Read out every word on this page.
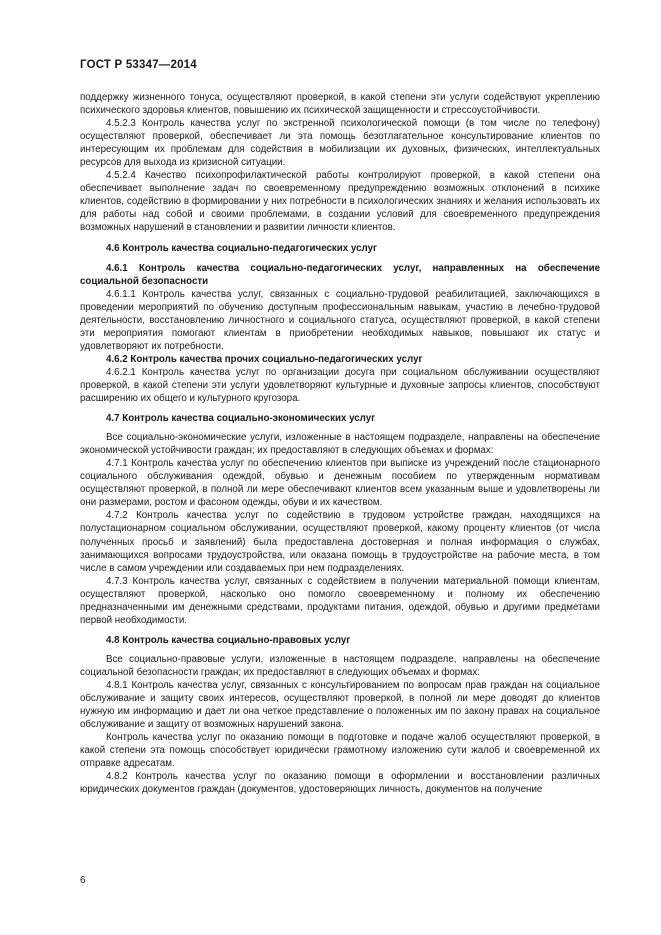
ГОСТ Р 53347—2014

поддержку жизненного тонуса, осуществляют проверкой, в какой степени эти услуги содействуют укреплению психического здоровья клиентов, повышению их психической защищенности и стрессоустойчивости.

4.5.2.3 Контроль качества услуг по экстренной психологической помощи (в том числе по телефону) осуществляют проверкой, обеспечивает ли эта помощь безотлагательное консультирование клиентов по интересующим их проблемам для содействия в мобилизации их духовных, физических, интеллектуальных ресурсов для выхода из кризисной ситуации.

4.5.2.4 Качество психопрофилактической работы контролируют проверкой, в какой степени она обеспечивает выполнение задач по своевременному предупреждению возможных отклонений в психике клиентов, содействию в формировании у них потребности в психологических знаниях и желания использовать их для работы над собой и своими проблемами, в создании условий для своевременного предупреждения возможных нарушений в становлении и развитии личности клиентов.

4.6 Контроль качества социально-педагогических услуг

4.6.1 Контроль качества социально-педагогических услуг, направленных на обеспечение социальной безопасности

4.6.1.1 Контроль качества услуг, связанных с социально-трудовой реабилитацией, заключающихся в проведении мероприятий по обучению доступным профессиональным навыкам, участию в лечебно-трудовой деятельности, восстановлению личностного и социального статуса, осуществляют проверкой, в какой степени эти мероприятия помогают клиентам в приобретении необходимых навыков, повышают их статус и удовлетворяют их потребности.

4.6.2 Контроль качества прочих социально-педагогических услуг

4.6.2.1 Контроль качества услуг по организации досуга при социальном обслуживании осуществляют проверкой, в какой степени эти услуги удовлетворяют культурные и духовные запросы клиентов, способствуют расширению их общего и культурного кругозора.

4.7 Контроль качества социально-экономических услуг

Все социально-экономические услуги, изложенные в настоящем подразделе, направлены на обеспечение экономической устойчивости граждан; их предоставляют в следующих объемах и формах:

4.7.1 Контроль качества услуг по обеспечению клиентов при выписке из учреждений после стационарного социального обслуживания одеждой, обувью и денежным пособием по утвержденным нормативам осуществляют проверкой, в полной ли мере обеспечивают клиентов всем указанным выше и удовлетворены ли они размерами, ростом и фасоном одежды, обуви и их качеством.

4.7.2 Контроль качества услуг по содействию в трудовом устройстве граждан, находящихся на полустационарном социальном обслуживании, осуществляют проверкой, какому проценту клиентов (от числа полученных просьб и заявлений) была предоставлена достоверная и полная информация о службах, занимающихся вопросами трудоустройства, или оказана помощь в трудоустройстве на рабочие места, в том числе в самом учреждении или создаваемых при нем подразделениях.

4.7.3 Контроль качества услуг, связанных с содействием в получении материальной помощи клиентам, осуществляют проверкой, насколько оно помогло своевременному и полному их обеспечению предназначенными им денежными средствами, продуктами питания, одеждой, обувью и другими предметами первой необходимости.

4.8 Контроль качества социально-правовых услуг

Все социально-правовые услуги, изложенные в настоящем подразделе, направлены на обеспечение социальной безопасности граждан; их предоставляют в следующих объемах и формах:

4.8.1 Контроль качества услуг, связанных с консультированием по вопросам прав граждан на социальное обслуживание и защиту своих интересов, осуществляют проверкой, в полной ли мере доводят до клиентов нужную им информацию и дает ли она четкое представление о положенных им по закону правах на социальное обслуживание и защиту от возможных нарушений закона.

Контроль качества услуг по оказанию помощи в подготовке и подаче жалоб осуществляют проверкой, в какой степени эта помощь способствует юридически грамотному изложению сути жалоб и своевременной их отправке адресатам.

4.8.2 Контроль качества услуг по оказанию помощи в оформлении и восстановлении различных юридических документов граждан (документов, удостоверяющих личность, документов на получение

6
